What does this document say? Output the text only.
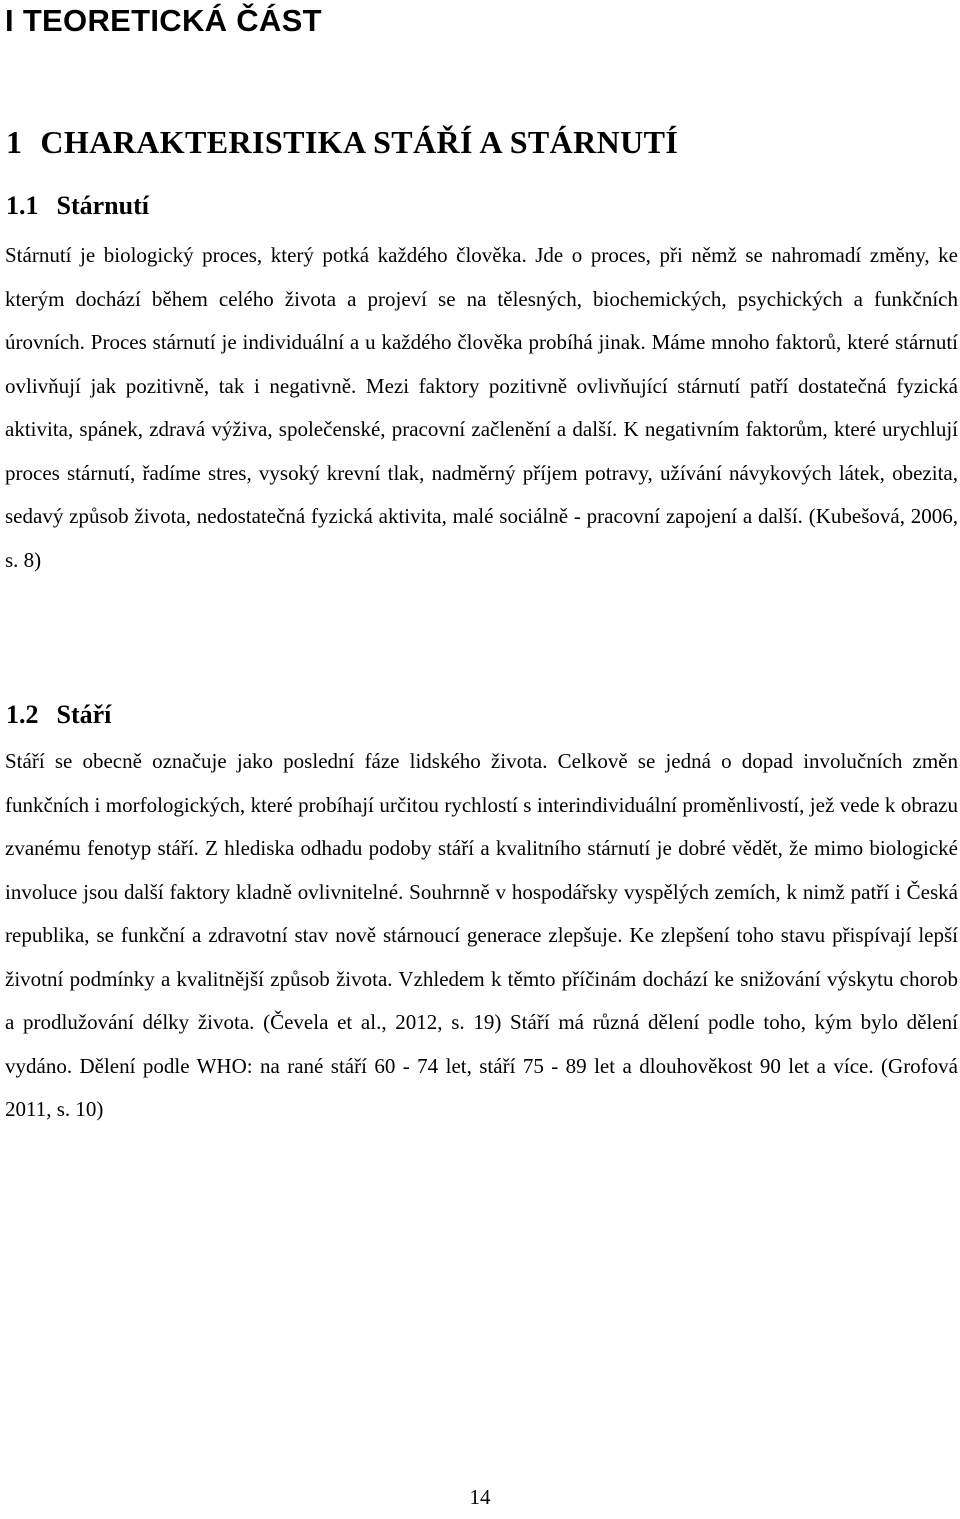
I TEORETICKÁ ČÁST
1 CHARAKTERISTIKA STÁŘÍ A STÁRNUTÍ
1.1 Stárnutí

Stárnutí je biologický proces, který potká každého člověka. Jde o proces, při němž se nahromadí změny, ke kterým dochází během celého života a projeví se na tělesných, biochemických, psychických a funkčních úrovních. Proces stárnutí je individuální a u každého člověka probíhá jinak. Máme mnoho faktorů, které stárnutí ovlivňují jak pozitivně, tak i negativně. Mezi faktory pozitivně ovlivňující stárnutí patří dostatečná fyzická aktivita, spánek, zdravá výživa, společenské, pracovní začlenění a další. K negativním faktorům, které urychlují proces stárnutí, řadíme stres, vysoký krevní tlak, nadměrný příjem potravy, užívání návykových látek, obezita, sedavý způsob života, nedostatečná fyzická aktivita, malé sociálně - pracovní zapojení a další. (Kubešová, 2006, s. 8)

1.2 Stáří

Stáří se obecně označuje jako poslední fáze lidského života. Celkově se jedná o dopad involučních změn funkčních i morfologických, které probíhají určitou rychlostí s interindividuální proměnlivostí, jež vede k obrazu zvanému fenotyp stáří. Z hlediska odhadu podoby stáří a kvalitního stárnutí je dobré vědět, že mimo biologické involuce jsou další faktory kladně ovlivnitelné. Souhrnně v hospodářsky vyspělých zemích, k nimž patří i Česká republika, se funkční a zdravotní stav nově stárnoucí generace zlepšuje. Ke zlepšení toho stavu přispívají lepší životní podmínky a kvalitnější způsob života. Vzhledem k těmto příčinám dochází ke snižování výskytu chorob a prodlužování délky života. (Čevela et al., 2012, s. 19) Stáří má různá dělení podle toho, kým bylo dělení vydáno. Dělení podle WHO: na rané stáří 60 - 74 let, stáří 75 - 89 let a dlouhověkost 90 let a více. (Grofová 2011, s. 10)

14
